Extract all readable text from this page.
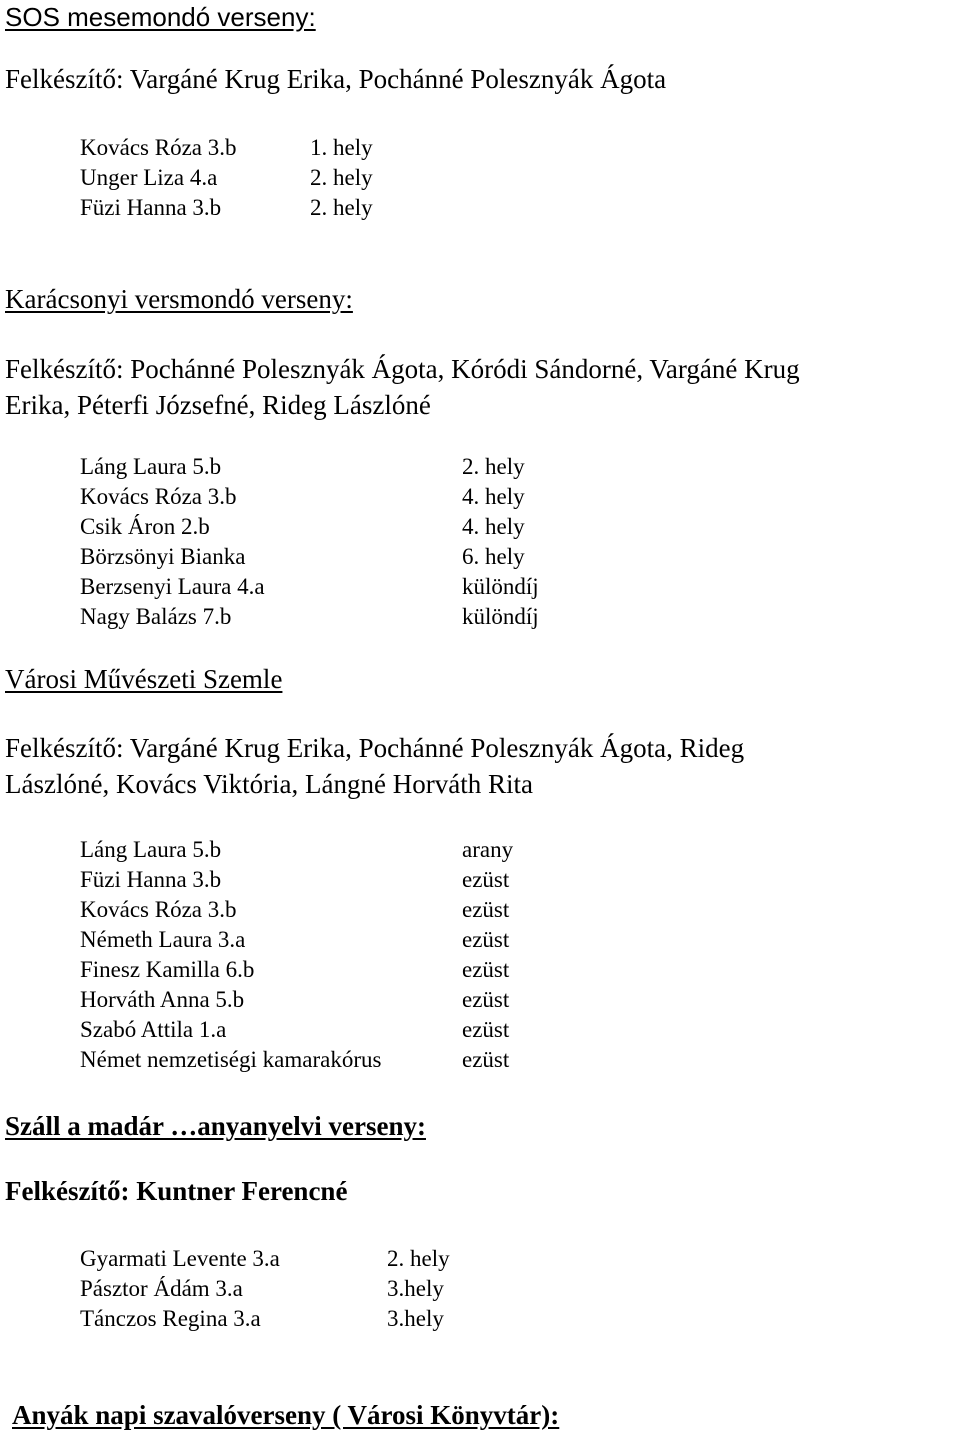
SOS mesemondó verseny:
Felkészítő: Vargáné Krug Erika, Pochánné Polesznyák Ágota
Kovács Róza 3.b	1. hely
Unger Liza 4.a	2. hely
Füzi Hanna 3.b	2. hely
Karácsonyi versmondó verseny:
Felkészítő: Pochánné Polesznyák Ágota, Kóródi Sándorné, Vargáné Krug
Erika, Péterfi Józsefné, Rideg Lászlóné
Láng Laura 5.b	2. hely
Kovács Róza 3.b	4. hely
Csik Áron 2.b	4. hely
Börzsönyi Bianka	6. hely
Berzsenyi Laura 4.a	különdíj
Nagy Balázs 7.b	különdíj
Városi Művészeti Szemle
Felkészítő: Vargáné Krug Erika, Pochánné Polesznyák Ágota, Rideg
Lászlóné, Kovács Viktória, Lángné Horváth Rita
Láng Laura 5.b	arany
Füzi Hanna 3.b	ezüst
Kovács Róza 3.b	ezüst
Németh Laura 3.a	ezüst
Finesz Kamilla 6.b	ezüst
Horváth Anna 5.b	ezüst
Szabó Attila 1.a	ezüst
Német nemzetiségi kamarakórus	ezüst
Száll a madár …anyanyelvi verseny:
Felkészítő: Kuntner Ferencné
Gyarmati Levente 3.a	2. hely
Pásztor Ádám 3.a	3.hely
Tánczos Regina 3.a	3.hely
Anyák napi szavalóverseny ( Városi Könyvtár):
